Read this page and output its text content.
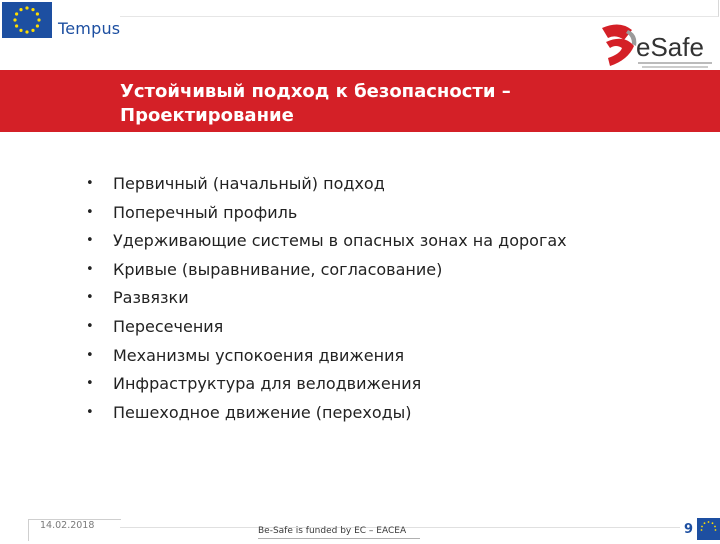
Tempus
eSafe
Устойчивый подход к безопасности –
Проектирование
• Первичный (начальный) подход
• Поперечный профиль
• Удерживающие системы в опасных зонах на дорогах
• Кривые (выравнивание, согласование)
• Развязки
• Пересечения
• Механизмы успокоения движения
• Инфраструктура для велодвижения
• Пешеходное движение (переходы)
14.02.2018	Be-Safe is funded by EC – EACEA	9
